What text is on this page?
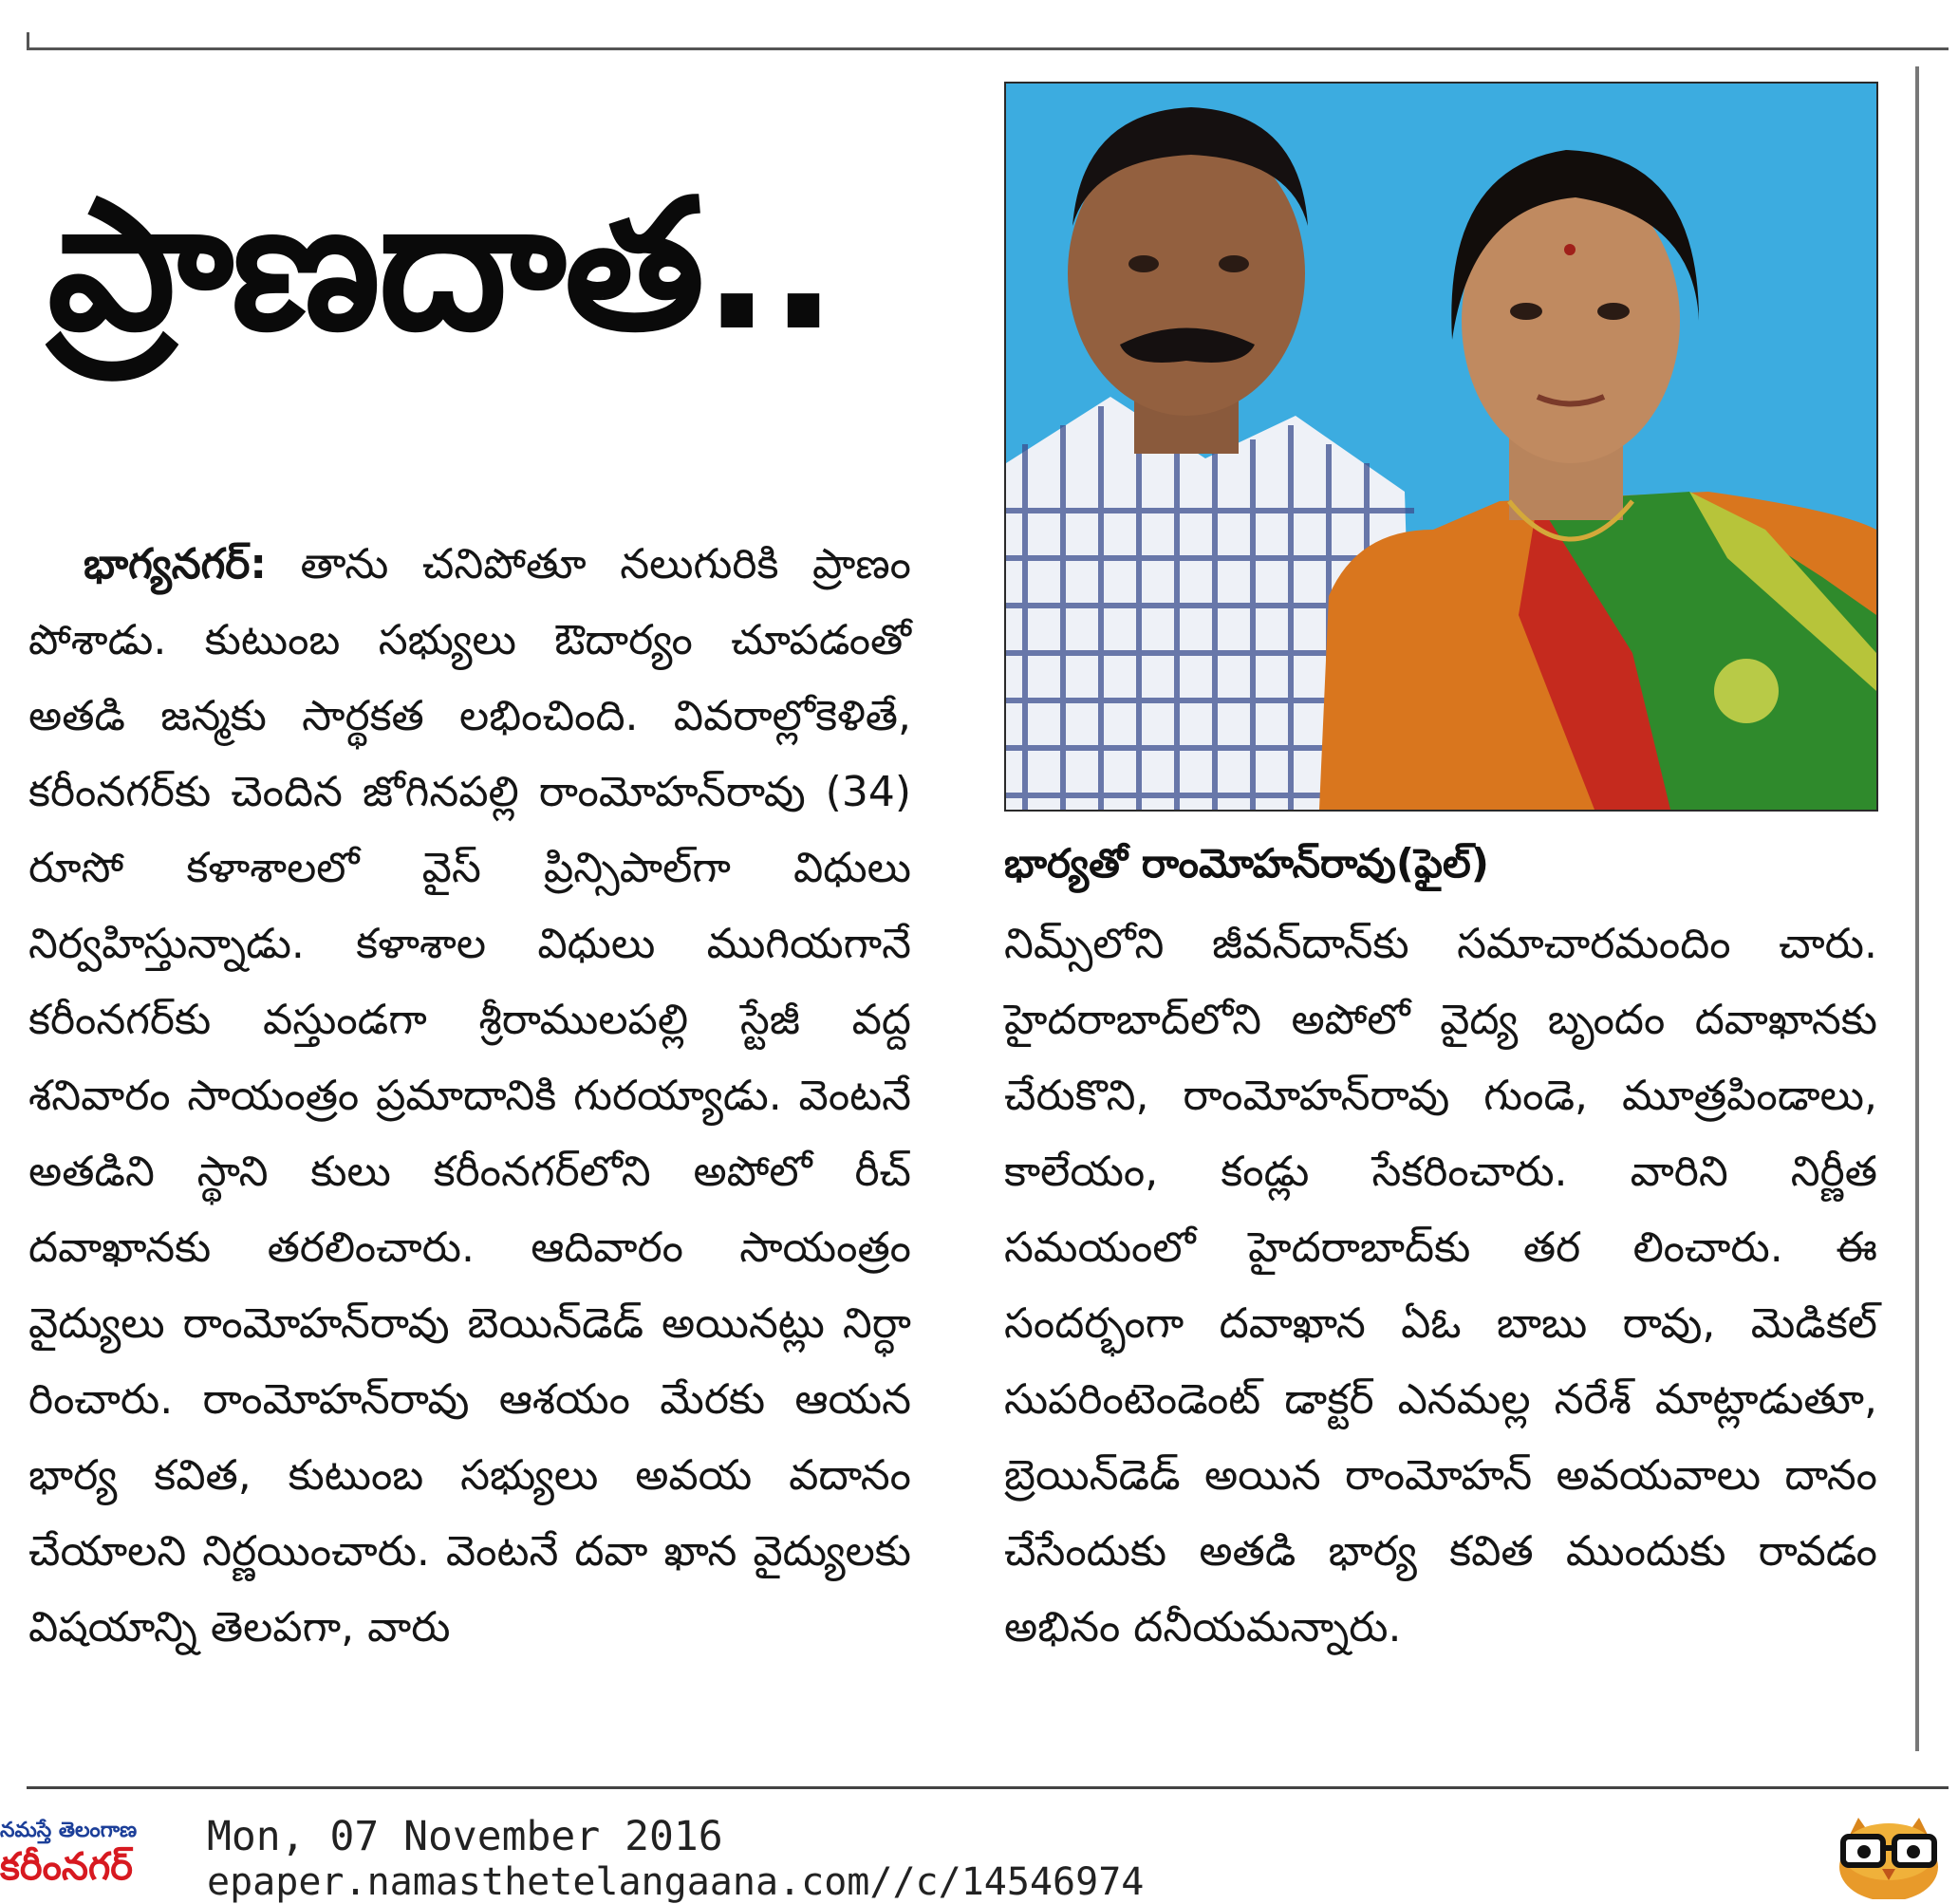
ప్రాణదాత..
భార్యతో రాంమోహన్‌రావు(ఫైల్)

భాగ్యనగర్: తాను చనిపోతూ నలుగురికి ప్రాణం పోశాడు. కుటుంబ సభ్యులు ఔదార్యం చూపడంతో అతడి జన్మకు సార్థకత లభించింది. వివరాల్లోకెళితే, కరీంనగర్‌కు చెందిన జోగినపల్లి రాంమోహన్‌రావు (34) రూసో కళాశాలలో వైస్ ప్రిన్సిపాల్‌గా విధులు నిర్వహిస్తున్నాడు. కళాశాల విధులు ముగియగానే కరీంనగర్‌కు వస్తుండగా శ్రీరాములపల్లి స్టేజీ వద్ద శనివారం సాయంత్రం ప్రమాదానికి గురయ్యాడు. వెంటనే అతడిని స్థాని కులు కరీంనగర్‌లోని అపోలో రీచ్ దవాఖానకు తరలించారు. ఆదివారం సాయంత్రం వైద్యులు రాంమోహన్‌రావు బెయిన్‌డెడ్ అయినట్లు నిర్ధా రించారు. రాంమోహన్‌రావు ఆశయం మేరకు ఆయన భార్య కవిత, కుటుంబ సభ్యులు అవయ వదానం చేయాలని నిర్ణయించారు. వెంటనే దవా ఖాన వైద్యులకు విషయాన్ని తెలపగా, వారు

నిమ్స్‌లోని జీవన్‌దాన్‌కు సమాచారమందిం చారు. హైదరాబాద్‌లోని అపోలో వైద్య బృందం దవాఖానకు చేరుకొని, రాంమోహన్‌రావు గుండె, మూత్రపిండాలు, కాలేయం, కండ్లు సేకరించారు. వారిని నిర్ణీత సమయంలో హైదరాబాద్‌కు తర లించారు. ఈ సందర్భంగా దవాఖాన ఏఓ బాబు రావు, మెడికల్ సుపరింటెండెంట్ డాక్టర్ ఎనమల్ల నరేశ్ మాట్లాడుతూ, బ్రెయిన్‌డెడ్ అయిన రాంమోహన్ అవయవాలు దానం చేసేందుకు అతడి భార్య కవిత ముందుకు రావడం అభినం దనీయమన్నారు.

నమస్తే తెలంగాణ
కరీంనగర్
Mon, 07 November 2016
epaper.namasthetelangaana.com//c/14546974
